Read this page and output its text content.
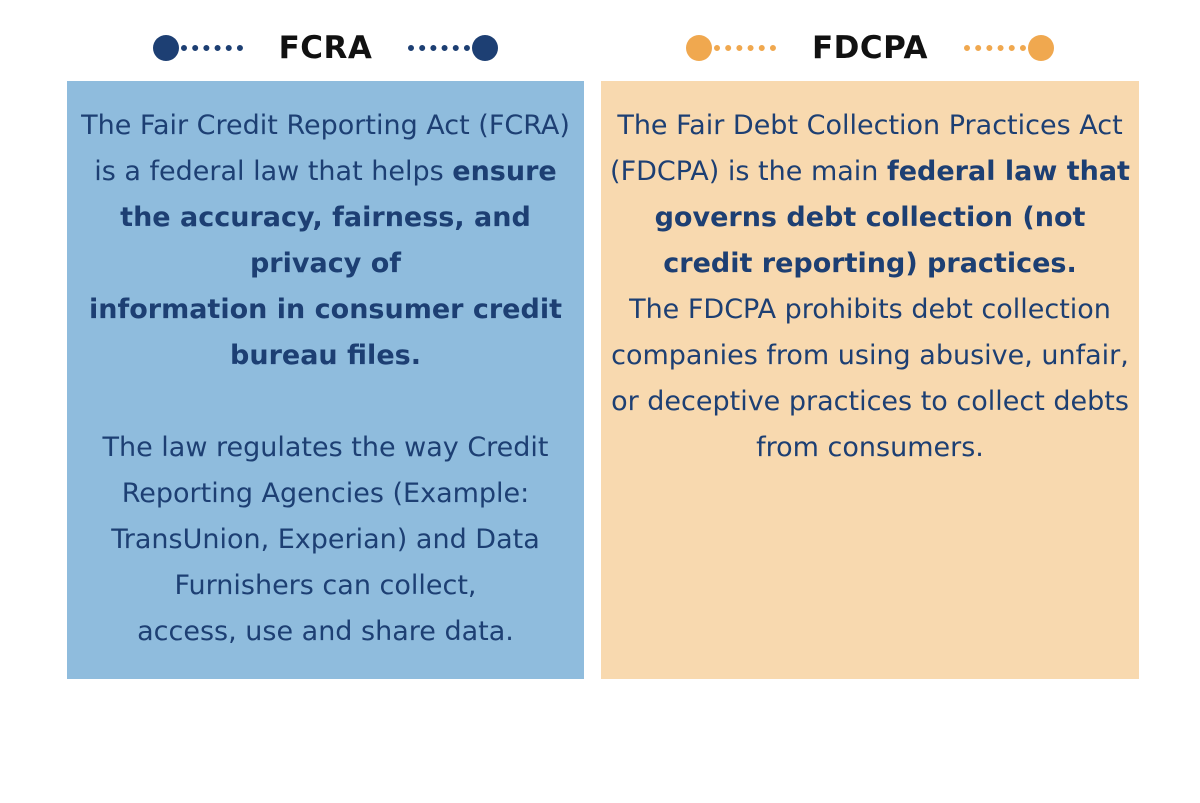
FCRA	FDCPA

The Fair Credit Reporting Act (FCRA) is a federal law that helps ensure the accuracy, fairness, and privacy of
information in consumer credit bureau files.

The law regulates the way Credit Reporting Agencies (Example: TransUnion, Experian) and Data Furnishers can collect,
access, use and share data.

The Fair Debt Collection Practices Act (FDCPA) is the main federal law that governs debt collection (not credit reporting) practices.
The FDCPA prohibits debt collection companies from using abusive, unfair, or deceptive practices to collect debts from consumers.
